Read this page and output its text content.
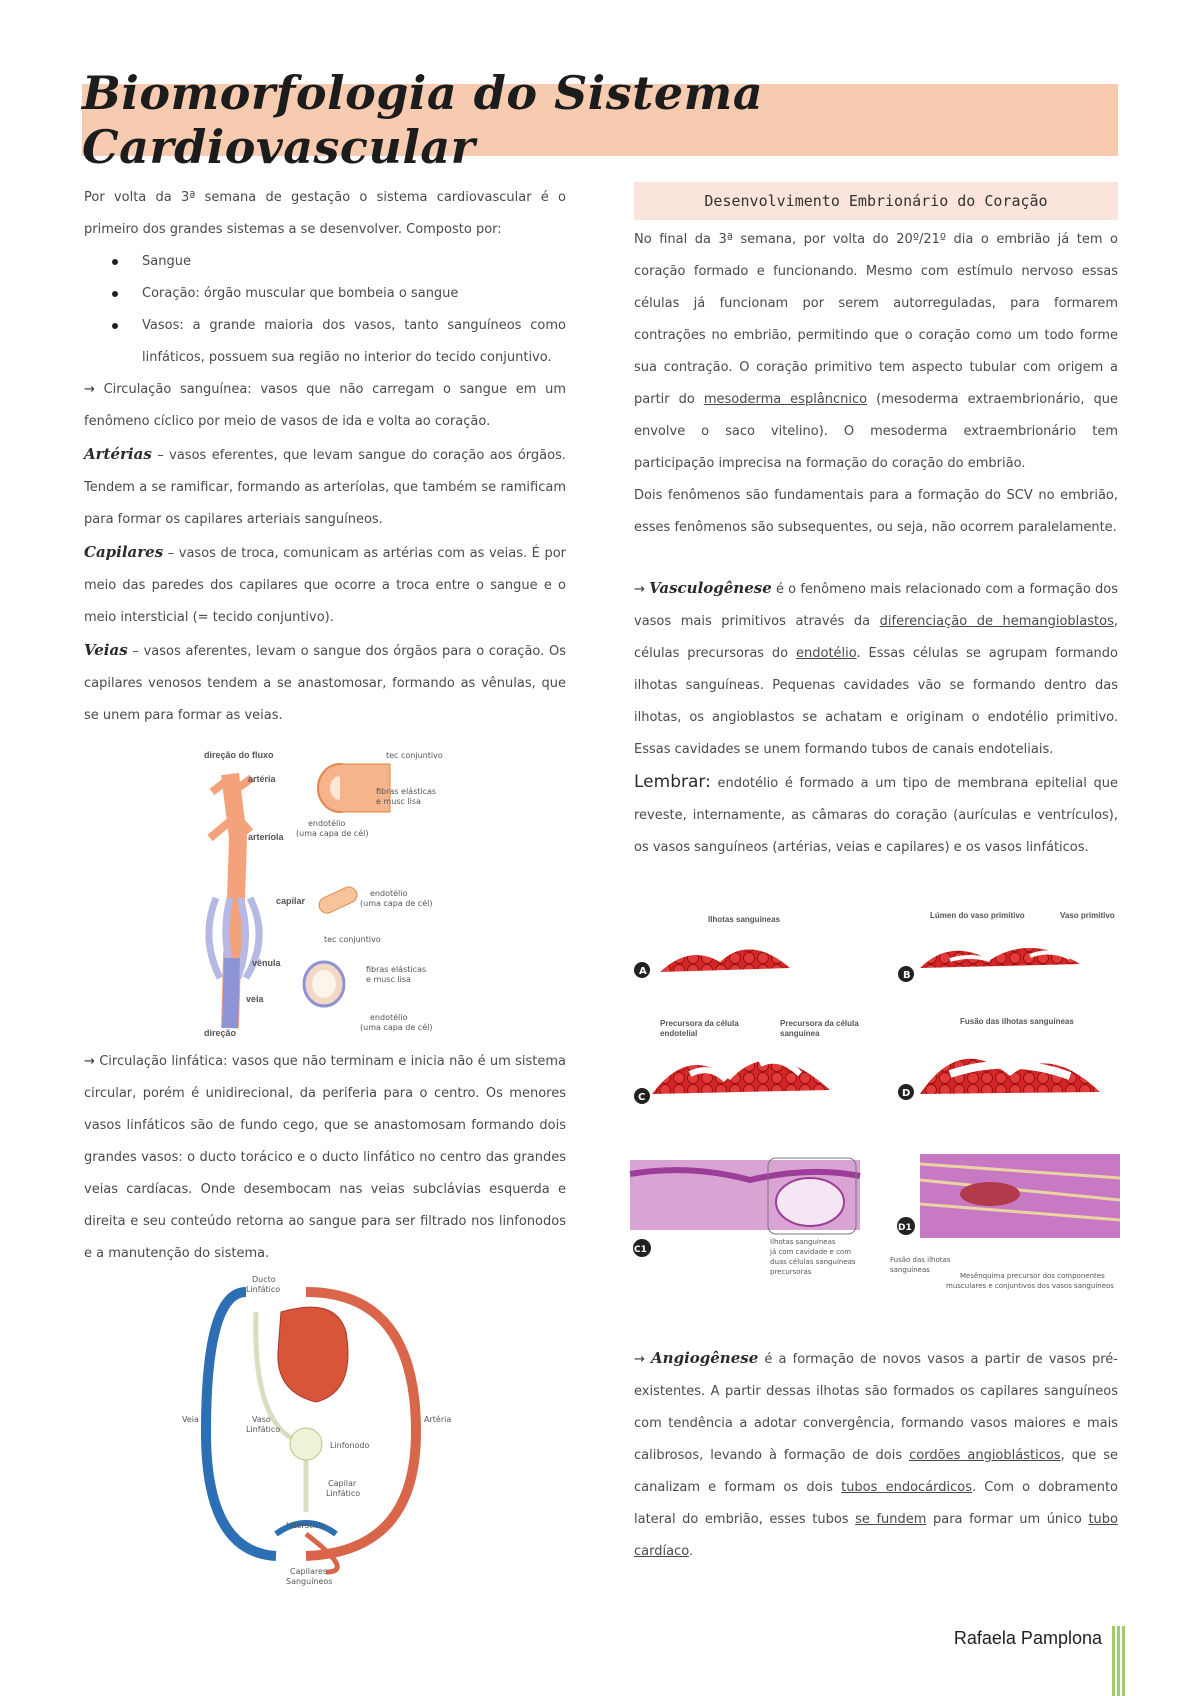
Biomorfologia do Sistema Cardiovascular

Por volta da 3ª semana de gestação o sistema cardiovascular é o primeiro dos grandes sistemas a se desenvolver. Composto por:

Sangue
Coração: órgão muscular que bombeia o sangue
Vasos: a grande maioria dos vasos, tanto sanguíneos como linfáticos, possuem sua região no interior do tecido conjuntivo.

→ Circulação sanguínea: vasos que não carregam o sangue em um fenômeno cíclico por meio de vasos de ida e volta ao coração.

Artérias – vasos eferentes, que levam sangue do coração aos órgãos. Tendem a se ramificar, formando as arteríolas, que também se ramificam para formar os capilares arteriais sanguíneos.

Capilares – vasos de troca, comunicam as artérias com as veias. É por meio das paredes dos capilares que ocorre a troca entre o sangue e o meio intersticial (= tecido conjuntivo).

Veias – vasos aferentes, levam o sangue dos órgãos para o coração. Os capilares venosos tendem a se anastomosar, formando as vênulas, que se unem para formar as veias.

direção do fluxo
artéria
arteríola
capilar
vênula
veia
direção
tec conjuntivo
fibras elásticas
e musc lisa
endotélio
(uma capa de cél)
endotélio
(uma capa de cél)
tec conjuntivo
fibras elásticas
e musc lisa
endotélio
(uma capa de cél)

→ Circulação linfática: vasos que não terminam e inicia não é um sistema circular, porém é unidirecional, da periferia para o centro. Os menores vasos linfáticos são de fundo cego, que se anastomosam formando dois grandes vasos: o ducto torácico e o ducto linfático no centro das grandes veias cardíacas. Onde desembocam nas veias subclávias esquerda e direita e seu conteúdo retorna ao sangue para ser filtrado nos linfonodos e a manutenção do sistema.

Ducto
Linfático
Veia	Artéria
Vaso
Linfático
Linfonodo
Capilar
Linfático
Interstício
Capilares
Sanguíneos
Desenvolvimento Embrionário do Coração

No final da 3ª semana, por volta do 20º/21º dia o embrião já tem o coração formado e funcionando. Mesmo com estímulo nervoso essas células já funcionam por serem autorreguladas, para formarem contrações no embrião, permitindo que o coração como um todo forme sua contração. O coração primitivo tem aspecto tubular com origem a partir do mesoderma esplâncnico (mesoderma extraembrionário, que envolve o saco vitelino). O mesoderma extraembrionário tem participação imprecisa na formação do coração do embrião.

Dois fenômenos são fundamentais para a formação do SCV no embrião, esses fenômenos são subsequentes, ou seja, não ocorrem paralelamente.

→ Vasculogênese é o fenômeno mais relacionado com a formação dos vasos mais primitivos através da diferenciação de hemangioblastos, células precursoras do endotélio. Essas células se agrupam formando ilhotas sanguíneas. Pequenas cavidades vão se formando dentro das ilhotas, os angioblastos se achatam e originam o endotélio primitivo. Essas cavidades se unem formando tubos de canais endoteliais.

Lembrar: endotélio é formado a um tipo de membrana epitelial que reveste, internamente, as câmaras do coração (aurículas e ventrículos), os vasos sanguíneos (artérias, veias e capilares) e os vasos linfáticos.

Ilhotas sanguíneas
A
Lúmen do vaso primitivo	Vaso primitivo
B
Precursora da célula
endotelial
Precursora da célula
sanguínea
C
Fusão das ilhotas sanguíneas
D
C1
Ilhotas sanguíneas
já com cavidade e com
duas células sanguíneas
precursoras
D1
Fusão das ilhotas
sanguíneas
Mesênquima precursor dos componentes
musculares e conjuntivos dos vasos sanguíneos

→ Angiogênese é a formação de novos vasos a partir de vasos pré-existentes. A partir dessas ilhotas são formados os capilares sanguíneos com tendência a adotar convergência, formando vasos maiores e mais calibrosos, levando à formação de dois cordões angioblásticos, que se canalizam e formam os dois tubos endocárdicos. Com o dobramento lateral do embrião, esses tubos se fundem para formar um único tubo cardíaco.

Rafaela Pamplona
